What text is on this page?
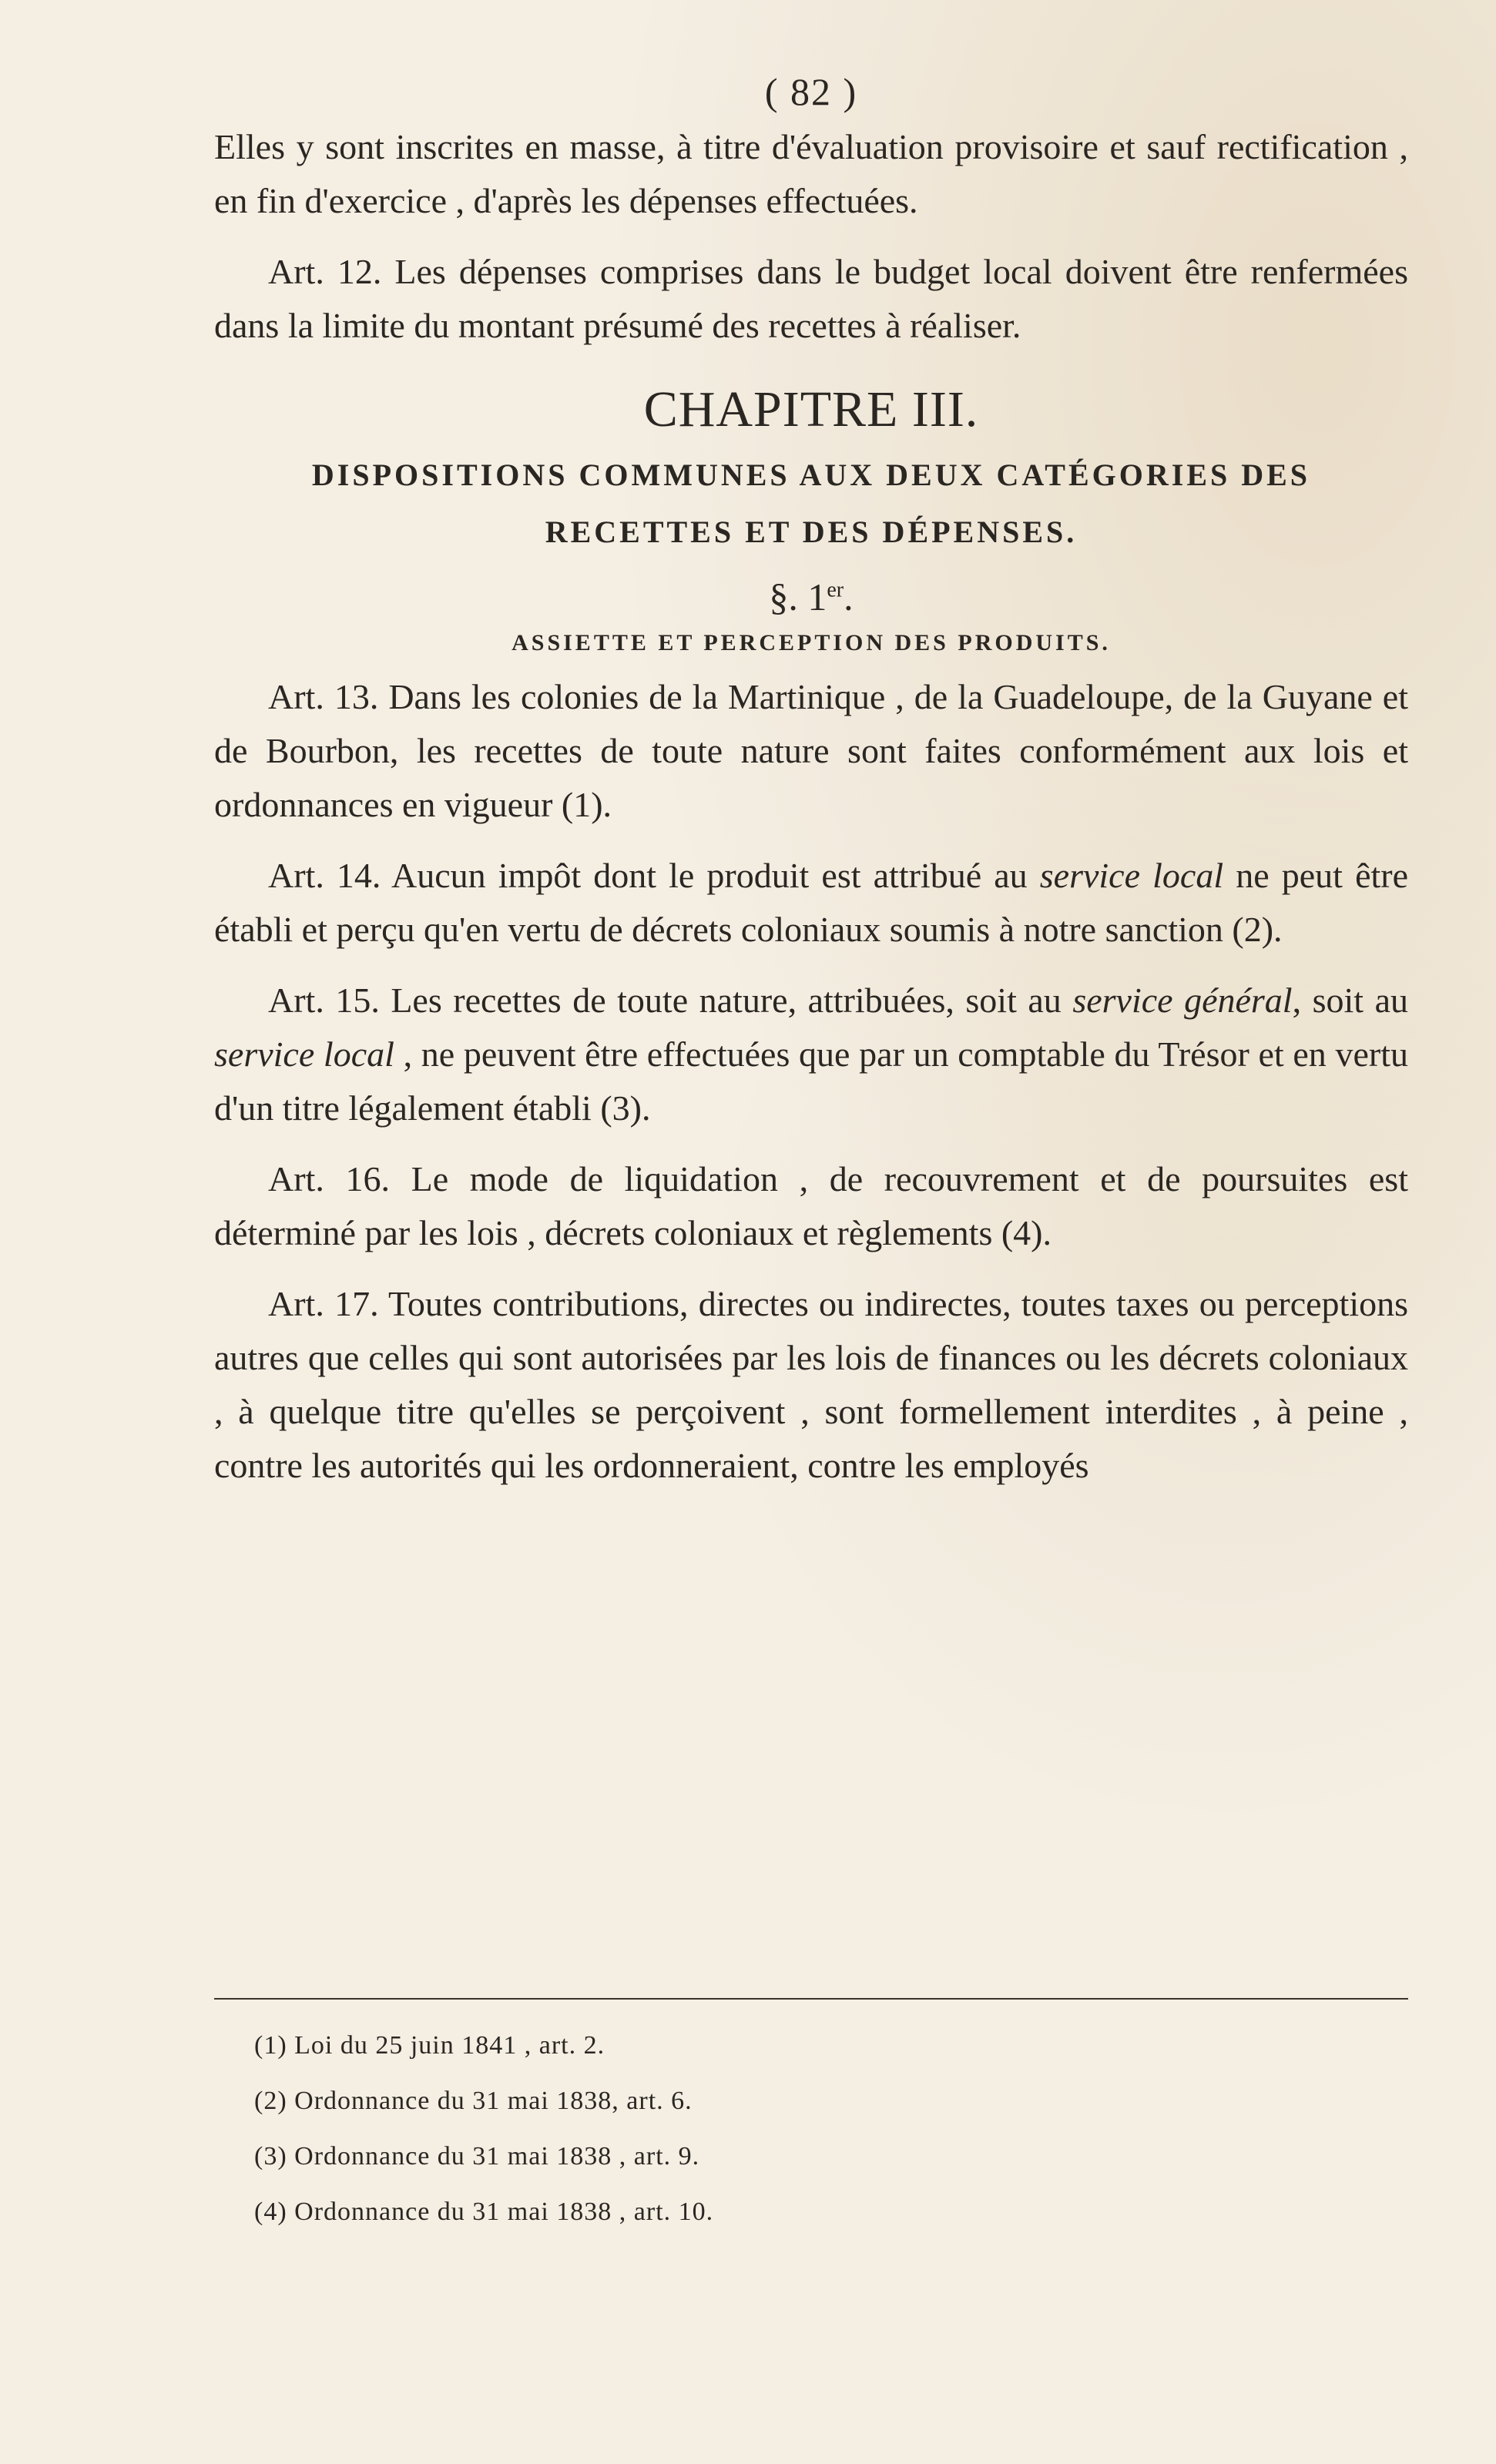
( 82 )

Elles y sont inscrites en masse, à titre d'évaluation provisoire et sauf rectification , en fin d'exercice , d'après les dépenses effectuées.

Art. 12. Les dépenses comprises dans le budget local doivent être renfermées dans la limite du montant présumé des recettes à réaliser.

CHAPITRE III.
DISPOSITIONS COMMUNES AUX DEUX CATÉGORIES DES
RECETTES ET DES DÉPENSES.
§. 1er.
ASSIETTE ET PERCEPTION DES PRODUITS.

Art. 13. Dans les colonies de la Martinique , de la Guadeloupe, de la Guyane et de Bourbon, les recettes de toute nature sont faites conformément aux lois et ordonnances en vigueur (1).

Art. 14. Aucun impôt dont le produit est attribué au service local ne peut être établi et perçu qu'en vertu de décrets coloniaux soumis à notre sanction (2).

Art. 15. Les recettes de toute nature, attribuées, soit au service général, soit au service local , ne peuvent être effectuées que par un comptable du Trésor et en vertu d'un titre légalement établi (3).

Art. 16. Le mode de liquidation , de recouvrement et de poursuites est déterminé par les lois , décrets coloniaux et règlements (4).

Art. 17. Toutes contributions, directes ou indirectes, toutes taxes ou perceptions autres que celles qui sont autorisées par les lois de finances ou les décrets coloniaux , à quelque titre qu'elles se perçoivent , sont formellement interdites , à peine , contre les autorités qui les ordonneraient, contre les employés

(1) Loi du 25 juin 1841 , art. 2.

(2) Ordonnance du 31 mai 1838, art. 6.

(3) Ordonnance du 31 mai 1838 , art. 9.

(4) Ordonnance du 31 mai 1838 , art. 10.
